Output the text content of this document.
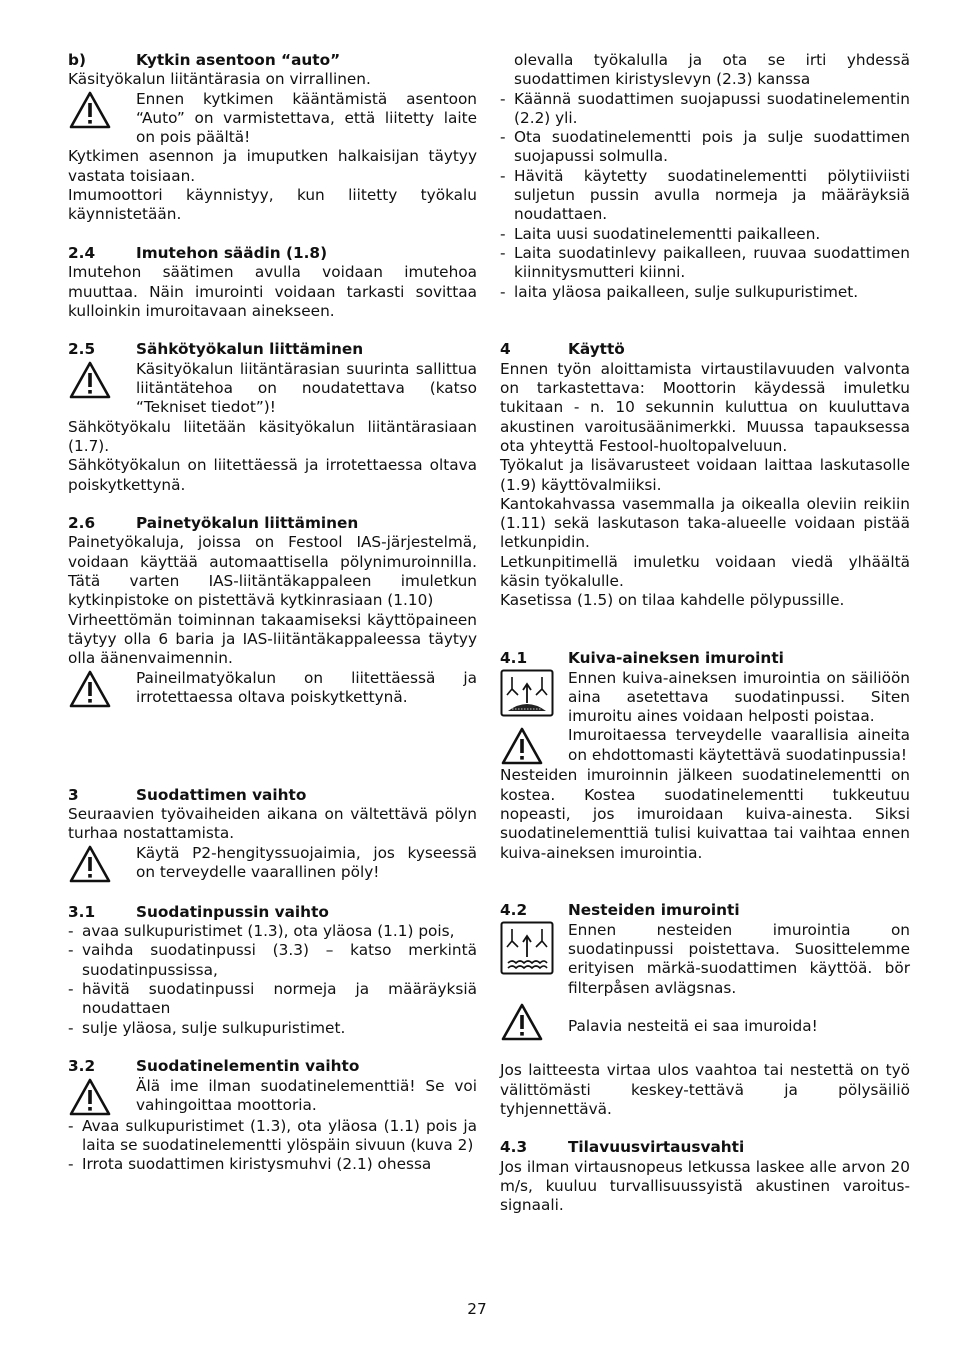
b)	Kytkin asentoon “auto”

Käsityökalun liitäntärasia on virrallinen.

Ennen kytkimen kääntämistä asentoon “Auto” on varmistettava, että liitetty laite on pois päältä!

Kytkimen asennon ja imuputken halkaisijan täytyy vastata toisiaan.

Imumoottori käynnistyy, kun liitetty työkalu käynnistetään.

2.4	Imutehon säädin (1.8)

Imutehon säätimen avulla voidaan imutehoa muuttaa. Näin imurointi voidaan tarkasti sovittaa kulloinkin imuroitavaan ainekseen.

2.5	Sähkötyökalun liittäminen
Käsityökalun liitäntärasian suurinta sallittua liitäntätehoa on noudatettava (katso “Tekniset tiedot”)!

Sähkötyökalu liitetään käsityökalun liitäntärasiaan (1.7).

Sähkötyökalun on liitettäessä ja irrotettaessa oltava poiskytkettynä.

2.6	Painetyökalun liittäminen

Painetyökaluja, joissa on Festool IAS-järjestelmä, voidaan käyttää automaattisella pölynimuroinnilla. Tätä varten IAS-liitäntäkappaleen imuletkun kytkinpistoke on pistettävä kytkinrasiaan (1.10)

Virheettömän toiminnan takaamiseksi käyttöpaineen täytyy olla 6 baria ja IAS-liitäntäkappaleessa täytyy olla äänenvaimennin.

Paineilmatyökalun on liitettäessä ja irrotettaessa oltava poiskytkettynä.
3	Suodattimen vaihto

Seuraavien työvaiheiden aikana on vältettävä pölyn turhaa nostattamista.

Käytä P2-hengityssuojaimia, jos kyseessä on terveydelle vaarallinen pöly!
3.1	Suodatinpussin vaihto
- avaa sulkupuristimet (1.3), ota yläosa (1.1) pois,
- vaihda suodatinpussi (3.3) – katso merkintä suodatinpussissa,
- hävitä suodatinpussi normeja ja määräyksiä noudattaen
- sulje yläosa, sulje sulkupuristimet.
3.2	Suodatinelementin vaihto
Älä ime ilman suodatinelementtiä! Se voi vahingoittaa moottoria.
- Avaa sulkupuristimet (1.3), ota yläosa (1.1) pois ja laita se suodatinelementti ylöspäin sivuun (kuva 2)
- Irrota suodattimen kiristysmuhvi (2.1) ohessa

olevalla työkalulla ja ota se irti yhdessä suodattimen kiristyslevyn (2.3) kanssa

- Käännä suodattimen suojapussi suodatinelementin (2.2) yli.
- Ota suodatinelementti pois ja sulje suodattimen suojapussi solmulla.
- Hävitä käytetty suodatinelementti pölytiiviisti suljetun pussin avulla normeja ja määräyksiä noudattaen.
- Laita uusi suodatinelementti paikalleen.
- Laita suodatinlevy paikalleen, ruuvaa suodattimen kiinnitysmutteri kiinni.
- laita yläosa paikalleen, sulje sulkupuristimet.
4	Käyttö

Ennen työn aloittamista virtaustilavuuden valvonta on tarkastettava: Moottorin käydessä imuletku tukitaan - n. 10 sekunnin kuluttua on kuuluttava akustinen varoitusäänimerkki. Muussa tapauksessa ota yhteyttä Festool-huoltopalveluun.

Työkalut ja lisävarusteet voidaan laittaa laskutasolle (1.9) käyttövalmiiksi.

Kantokahvassa vasemmalla ja oikealla oleviin reikiin (1.11) sekä laskutason taka-alueelle voidaan pistää letkunpidin.

Letkunpitimellä imuletku voidaan viedä ylhäältä käsin työkalulle.

Kasetissa (1.5) on tilaa kahdelle pölypussille.

4.1	Kuiva-aineksen imurointi
Ennen kuiva-aineksen imurointia on säiliöön aina asetettava suodatinpussi. Siten imuroitu aines voidaan helposti poistaa.
Imuroitaessa terveydelle vaarallisia aineita on ehdottomasti käytettävä suodatinpussia!

Nesteiden imuroinnin jälkeen suodatinelementti on kostea. Kostea suodatinelementti tukkeutuu nopeasti, jos imuroidaan kuiva-ainesta. Siksi suodatinelementtiä tulisi kuivattaa tai vaihtaa ennen kuiva-aineksen imurointia.

4.2	Nesteiden imurointi
Ennen nesteiden imurointia on suodatinpussi poistettava. Suosittelemme erityisen märkä-suodattimen käyttöä. bör filterpåsen avlägsnas.
Palavia nesteitä ei saa imuroida!

Jos laitteesta virtaa ulos vaahtoa tai nestettä on työ välittömästi keskey-tettävä ja pölysäiliö tyhjennettävä.

4.3	Tilavuusvirtausvahti

Jos ilman virtausnopeus letkussa laskee alle arvon 20 m/s, kuuluu turvallisuussyistä akustinen varoitus-signaali.

27
